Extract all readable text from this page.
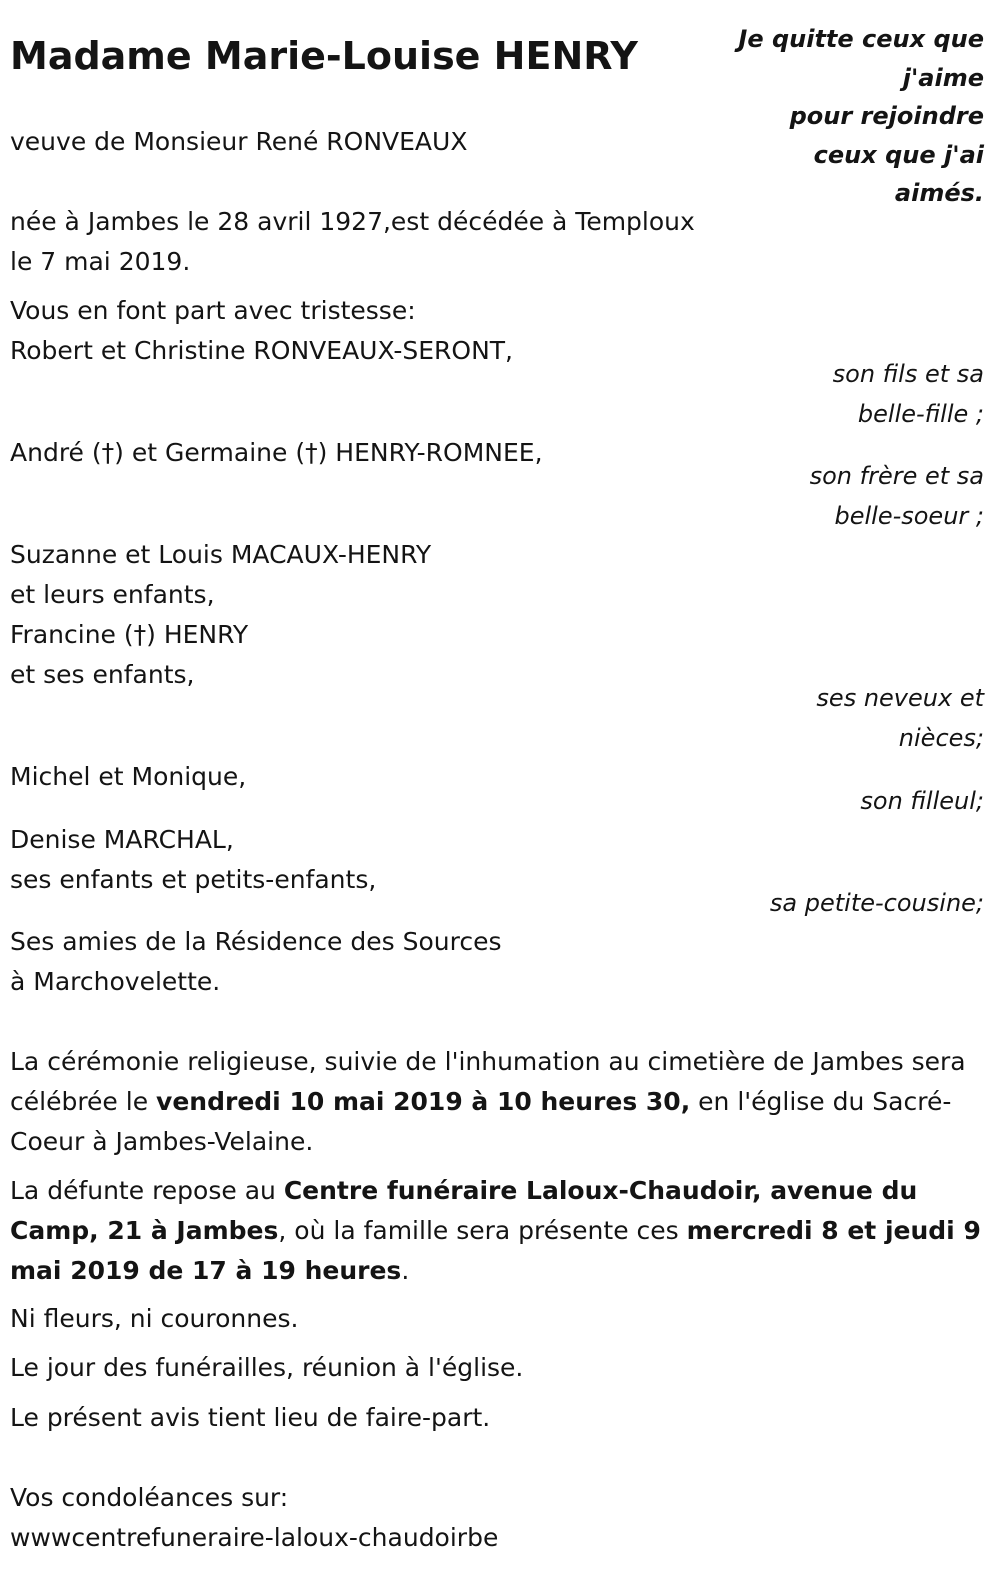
Madame Marie-Louise HENRY	Je quitte ceux que
j'aime
pour rejoindre
ceux que j'ai
aimés.
veuve de Monsieur René RONVEAUX
née à Jambes le 28 avril 1927,est décédée à Temploux
le 7 mai 2019.
Vous en font part avec tristesse:
Robert et Christine RONVEAUX-SERONT,
son fils et sa
belle-fille ;
André (†) et Germaine (†) HENRY-ROMNEE,
son frère et sa
belle-soeur ;
Suzanne et Louis MACAUX-HENRY
et leurs enfants,
Francine (†) HENRY
et ses enfants,
ses neveux et
nièces;
Michel et Monique,
son filleul;
Denise MARCHAL,
ses enfants et petits-enfants,
sa petite-cousine;
Ses amies de la Résidence des Sources
à Marchovelette.
La cérémonie religieuse, suivie de l'inhumation au cimetière de Jambes sera célébrée le vendredi 10 mai 2019 à 10 heures 30, en l'église du Sacré-Coeur à Jambes-Velaine.
La défunte repose au Centre funéraire Laloux-Chaudoir, avenue du Camp, 21 à Jambes, où la famille sera présente ces mercredi 8 et jeudi 9 mai 2019 de 17 à 19 heures.
Ni fleurs, ni couronnes.
Le jour des funérailles, réunion à l'église.
Le présent avis tient lieu de faire-part.
Vos condoléances sur:
wwwcentrefuneraire-laloux-chaudoirbe
